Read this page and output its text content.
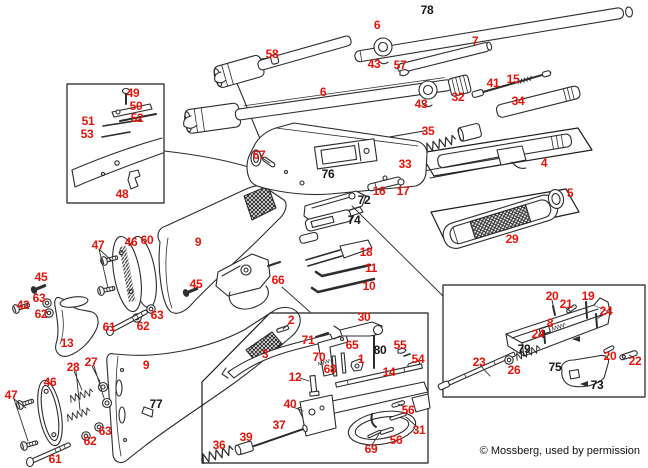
78
6
58
43 57
7
41 15
32	34
6
43
35
33	4
5
29
49
50
52
51
53
48
67
76
16 17
72
74
18
11
10
66
9
45
47 46 60
45
63
42
62
13
63
61 62
28 27	9
46
47
77
63
62
61
2	30
71
3
65
70	80 55
1	54
68	14
12
40
37
39
36
56
31
56
69
20
21
19
24
8
24
79
23
26 75
20 22
73
© Mossberg, used by permission
